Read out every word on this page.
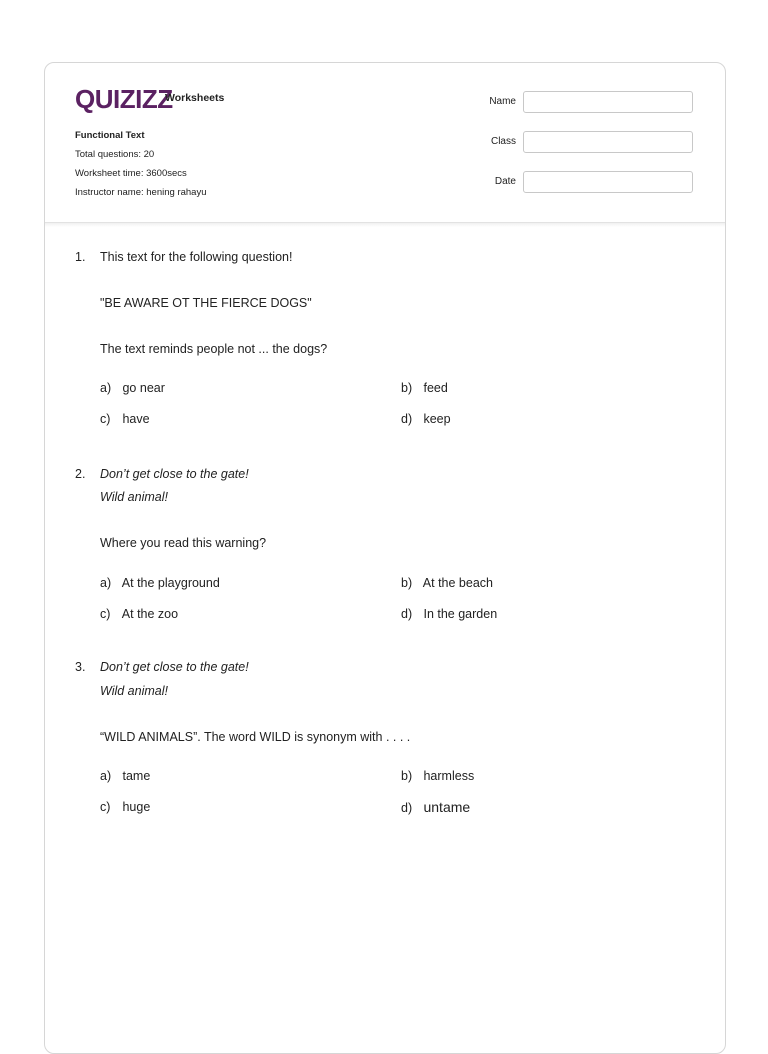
QUIZIZZ
Worksheets
Functional Text
Total questions: 20
Worksheet time: 3600secs
Instructor name: hening rahayu
Name
Class
Date
1. This text for the following question!
"BE AWARE OT THE FIERCE DOGS"
The text reminds people not ... the dogs?
a) go near	b) feed
c) have	d) keep
2. Don’t get close to the gate!
Wild animal!
Where you read this warning?
a) At the playground	b) At the beach
c) At the zoo	d) In the garden
3. Don’t get close to the gate!
Wild animal!
“WILD ANIMALS”. The word WILD is synonym with . . . .
a) tame	b) harmless
c) huge	d) untame
